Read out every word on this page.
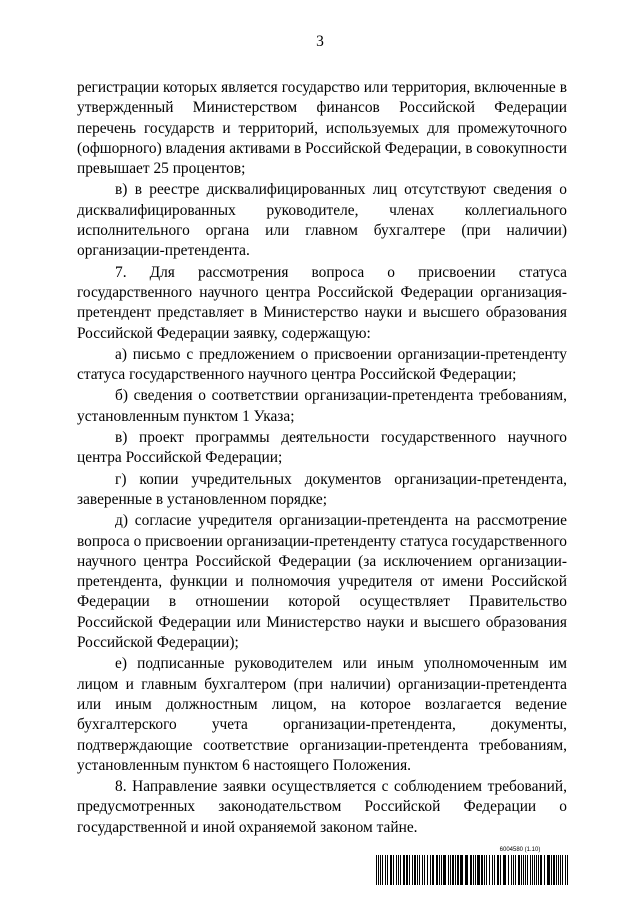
3

регистрации которых является государство или территория, включенные в утвержденный Министерством финансов Российской Федерации перечень государств и территорий, используемых для промежуточного (офшорного) владения активами в Российской Федерации, в совокупности превышает 25 процентов;

в) в реестре дисквалифицированных лиц отсутствуют сведения о дисквалифицированных руководителе, членах коллегиального исполнительного органа или главном бухгалтере (при наличии) организации-претендента.

7. Для рассмотрения вопроса о присвоении статуса государственного научного центра Российской Федерации организация-претендент представляет в Министерство науки и высшего образования Российской Федерации заявку, содержащую:

а) письмо с предложением о присвоении организации-претенденту статуса государственного научного центра Российской Федерации;

б) сведения о соответствии организации-претендента требованиям, установленным пунктом 1 Указа;

в) проект программы деятельности государственного научного центра Российской Федерации;

г) копии учредительных документов организации-претендента, заверенные в установленном порядке;

д) согласие учредителя организации-претендента на рассмотрение вопроса о присвоении организации-претенденту статуса государственного научного центра Российской Федерации (за исключением организации-претендента, функции и полномочия учредителя от имени Российской Федерации в отношении которой осуществляет Правительство Российской Федерации или Министерство науки и высшего образования Российской Федерации);

е) подписанные руководителем или иным уполномоченным им лицом и главным бухгалтером (при наличии) организации-претендента или иным должностным лицом, на которое возлагается ведение бухгалтерского учета организации-претендента, документы, подтверждающие соответствие организации-претендента требованиям, установленным пунктом 6 настоящего Положения.

8. Направление заявки осуществляется с соблюдением требований, предусмотренных законодательством Российской Федерации о государственной и иной охраняемой законом тайне.

6004580 (1.10)
